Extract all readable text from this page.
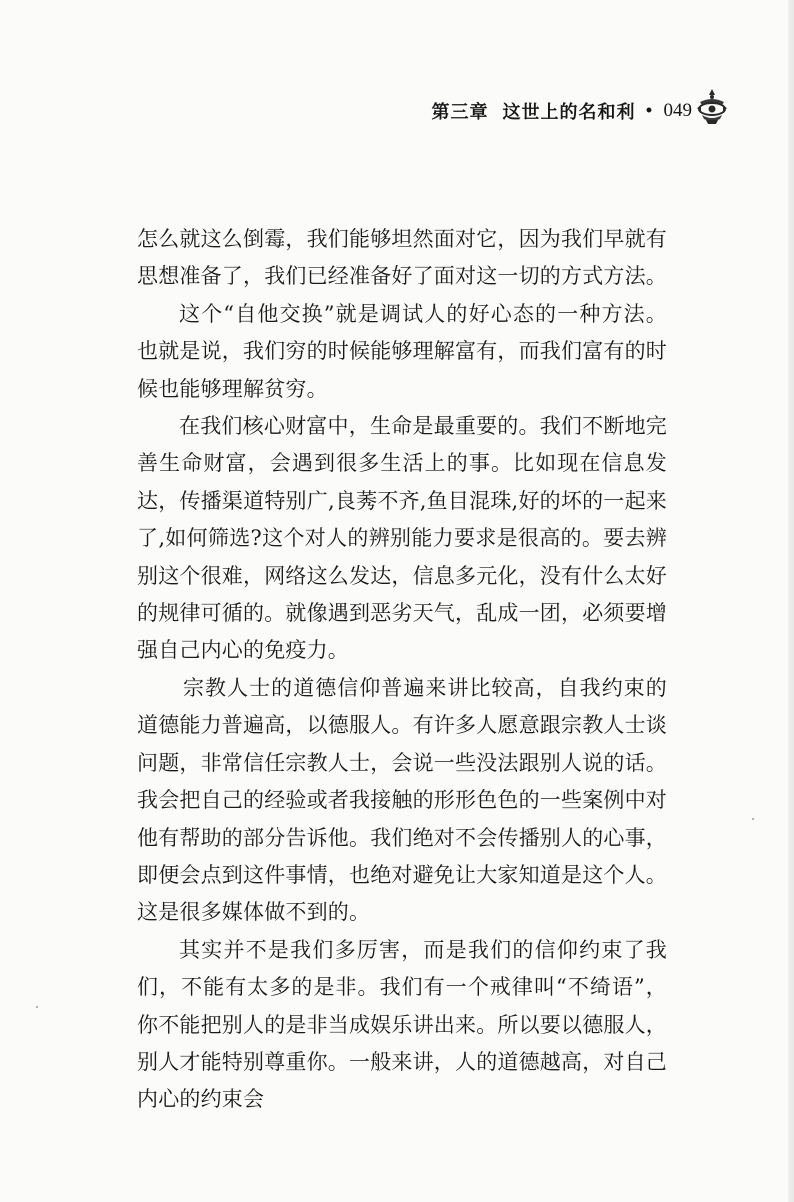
第三章 这世上的名和利 • 049

怎么就这么倒霉，我们能够坦然面对它，因为我们早就有思想准备了，我们已经准备好了面对这一切的方式方法。

这个“自他交换”就是调试人的好心态的一种方法。也就是说，我们穷的时候能够理解富有，而我们富有的时候也能够理解贫穷。

在我们核心财富中，生命是最重要的。我们不断地完善生命财富，会遇到很多生活上的事。比如现在信息发达，传播渠道特别广,良莠不齐,鱼目混珠,好的坏的一起来了,如何筛选?这个对人的辨别能力要求是很高的。要去辨别这个很难，网络这么发达，信息多元化，没有什么太好的规律可循的。就像遇到恶劣天气，乱成一团，必须要增强自己内心的免疫力。

宗教人士的道德信仰普遍来讲比较高，自我约束的道德能力普遍高，以德服人。有许多人愿意跟宗教人士谈问题，非常信任宗教人士，会说一些没法跟别人说的话。我会把自己的经验或者我接触的形形色色的一些案例中对他有帮助的部分告诉他。我们绝对不会传播别人的心事，即便会点到这件事情，也绝对避免让大家知道是这个人。这是很多媒体做不到的。

其实并不是我们多厉害，而是我们的信仰约束了我们，不能有太多的是非。我们有一个戒律叫“不绮语”，你不能把别人的是非当成娱乐讲出来。所以要以德服人，别人才能特别尊重你。一般来讲，人的道德越高，对自己内心的约束会
